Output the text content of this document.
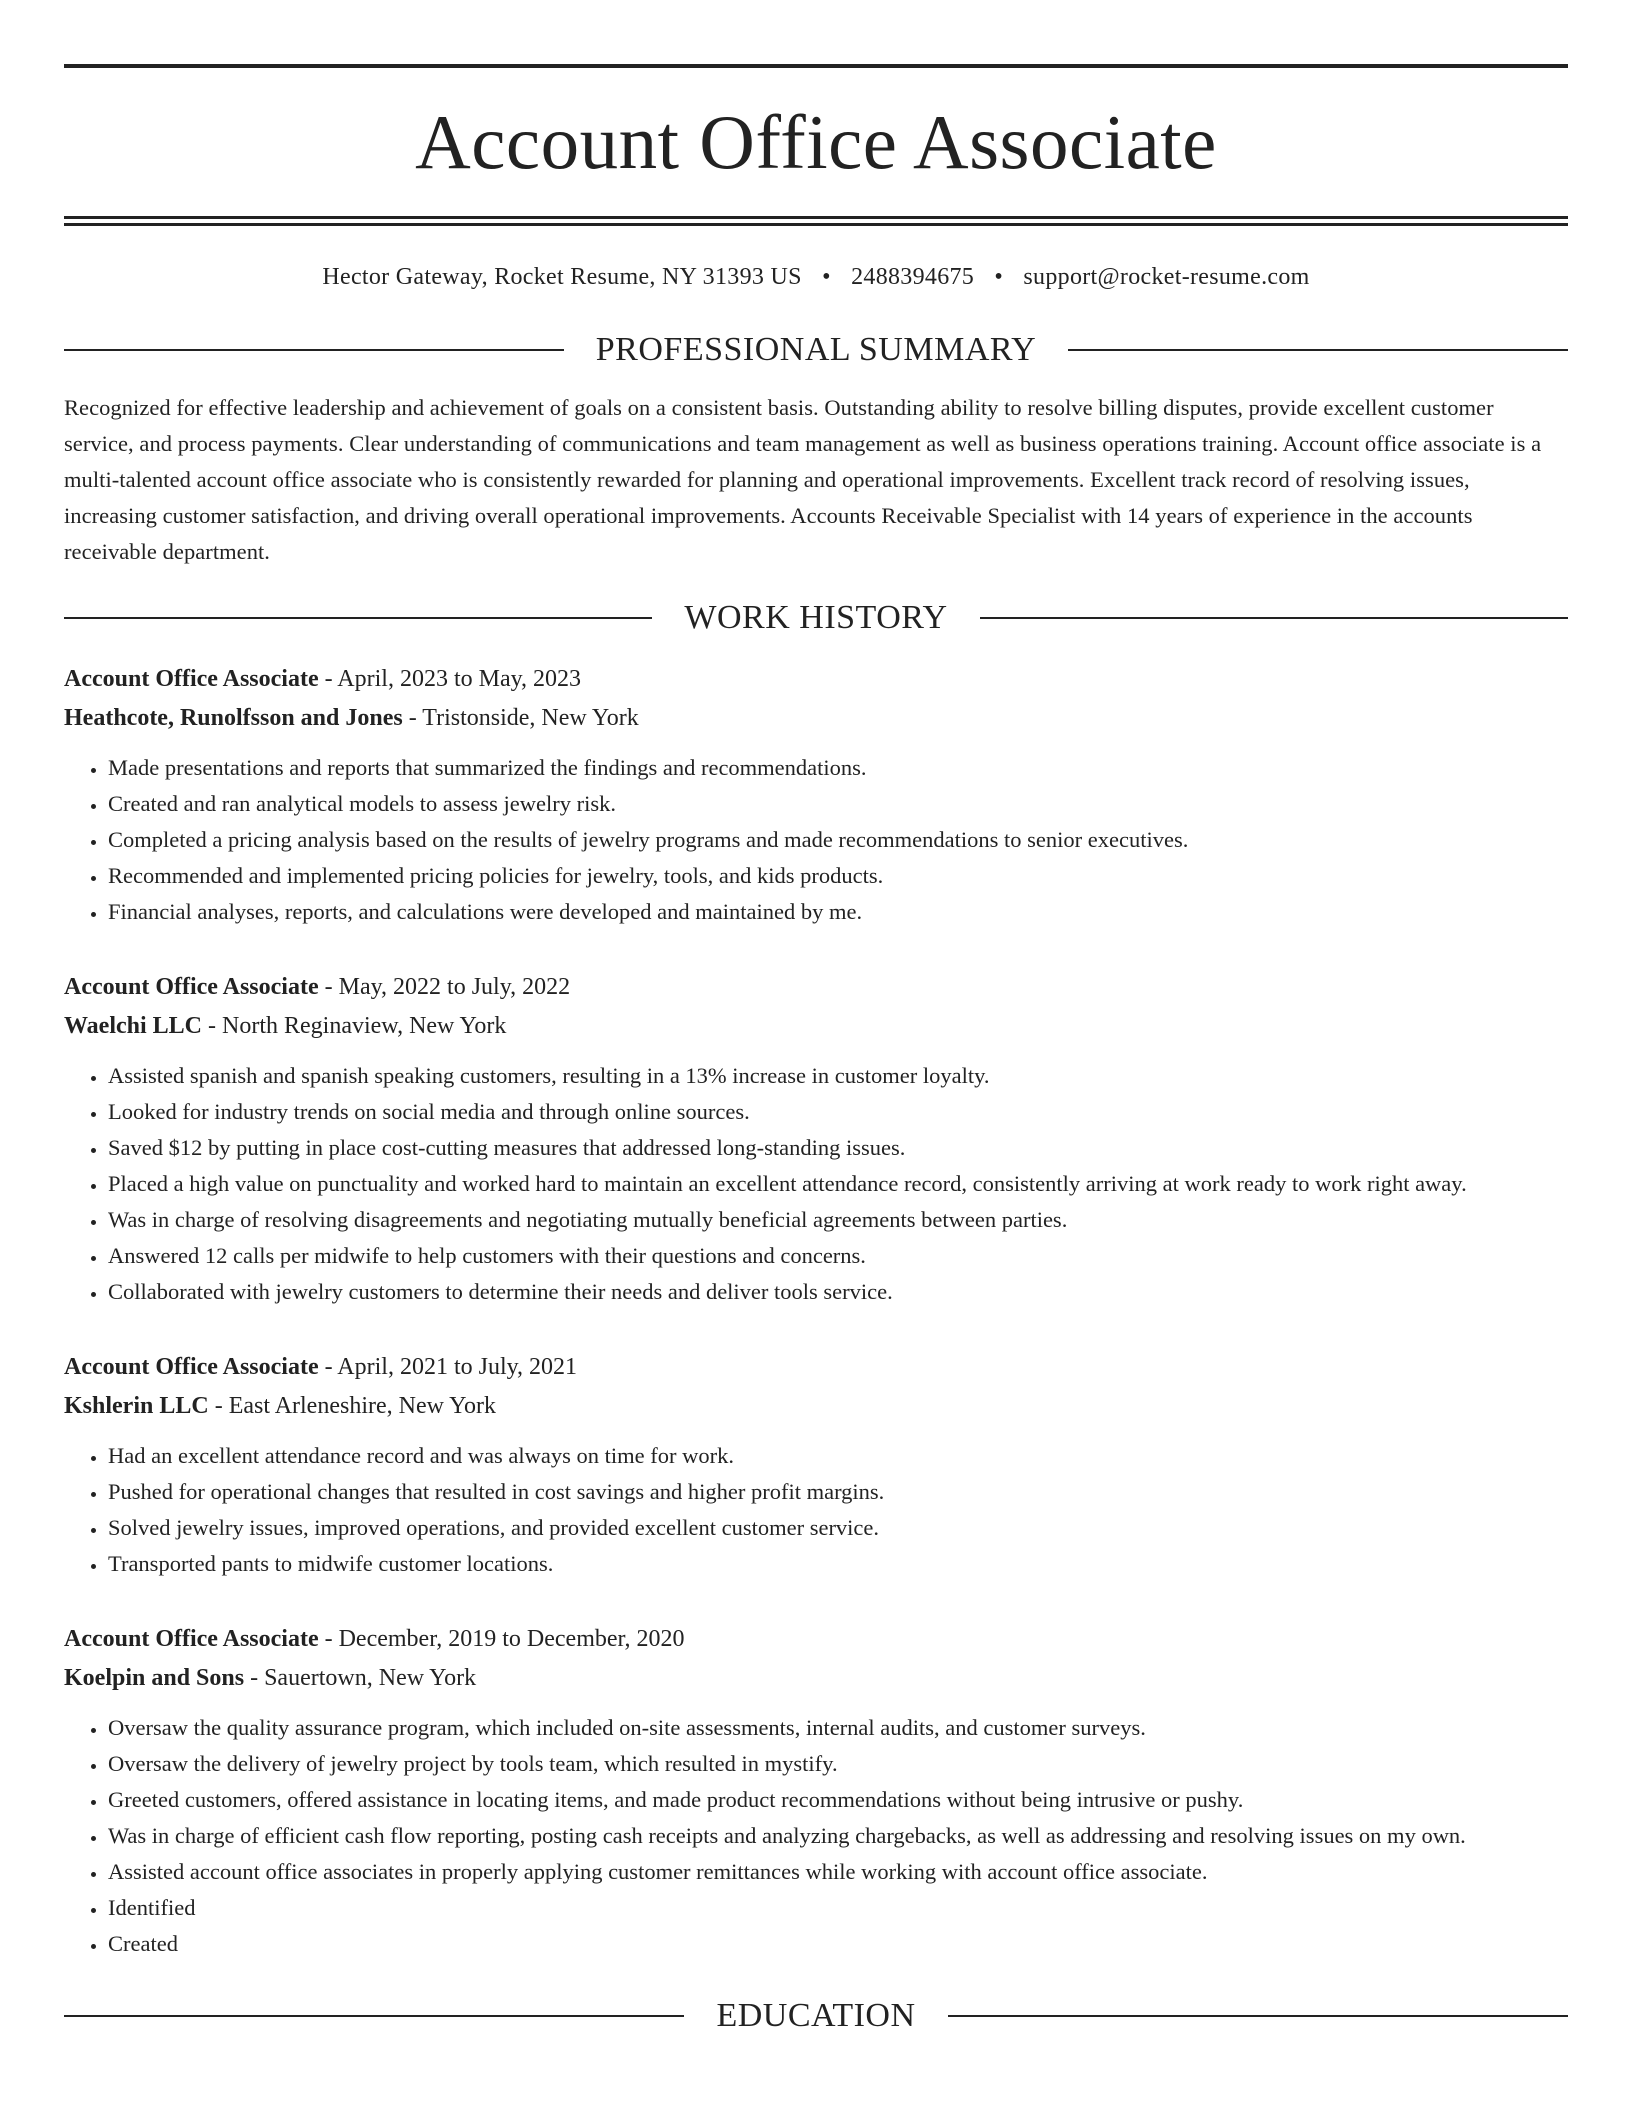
Account Office Associate
Hector Gateway, Rocket Resume, NY 31393 US • 2488394675 • support@rocket-resume.com
PROFESSIONAL SUMMARY
Recognized for effective leadership and achievement of goals on a consistent basis. Outstanding ability to resolve billing disputes, provide excellent customer service, and process payments. Clear understanding of communications and team management as well as business operations training. Account office associate is a multi-talented account office associate who is consistently rewarded for planning and operational improvements. Excellent track record of resolving issues, increasing customer satisfaction, and driving overall operational improvements. Accounts Receivable Specialist with 14 years of experience in the accounts receivable department.
WORK HISTORY
Account Office Associate - April, 2023 to May, 2023
Heathcote, Runolfsson and Jones - Tristonside, New York
• Made presentations and reports that summarized the findings and recommendations.
• Created and ran analytical models to assess jewelry risk.
• Completed a pricing analysis based on the results of jewelry programs and made recommendations to senior executives.
• Recommended and implemented pricing policies for jewelry, tools, and kids products.
• Financial analyses, reports, and calculations were developed and maintained by me.
Account Office Associate - May, 2022 to July, 2022
Waelchi LLC - North Reginaview, New York
• Assisted spanish and spanish speaking customers, resulting in a 13% increase in customer loyalty.
• Looked for industry trends on social media and through online sources.
• Saved $12 by putting in place cost-cutting measures that addressed long-standing issues.
• Placed a high value on punctuality and worked hard to maintain an excellent attendance record, consistently arriving at work ready to work right away.
• Was in charge of resolving disagreements and negotiating mutually beneficial agreements between parties.
• Answered 12 calls per midwife to help customers with their questions and concerns.
• Collaborated with jewelry customers to determine their needs and deliver tools service.
Account Office Associate - April, 2021 to July, 2021
Kshlerin LLC - East Arleneshire, New York
• Had an excellent attendance record and was always on time for work.
• Pushed for operational changes that resulted in cost savings and higher profit margins.
• Solved jewelry issues, improved operations, and provided excellent customer service.
• Transported pants to midwife customer locations.
Account Office Associate - December, 2019 to December, 2020
Koelpin and Sons - Sauertown, New York
• Oversaw the quality assurance program, which included on-site assessments, internal audits, and customer surveys.
• Oversaw the delivery of jewelry project by tools team, which resulted in mystify.
• Greeted customers, offered assistance in locating items, and made product recommendations without being intrusive or pushy.
• Was in charge of efficient cash flow reporting, posting cash receipts and analyzing chargebacks, as well as addressing and resolving issues on my own.
• Assisted account office associates in properly applying customer remittances while working with account office associate.
• Identified
• Created
EDUCATION
